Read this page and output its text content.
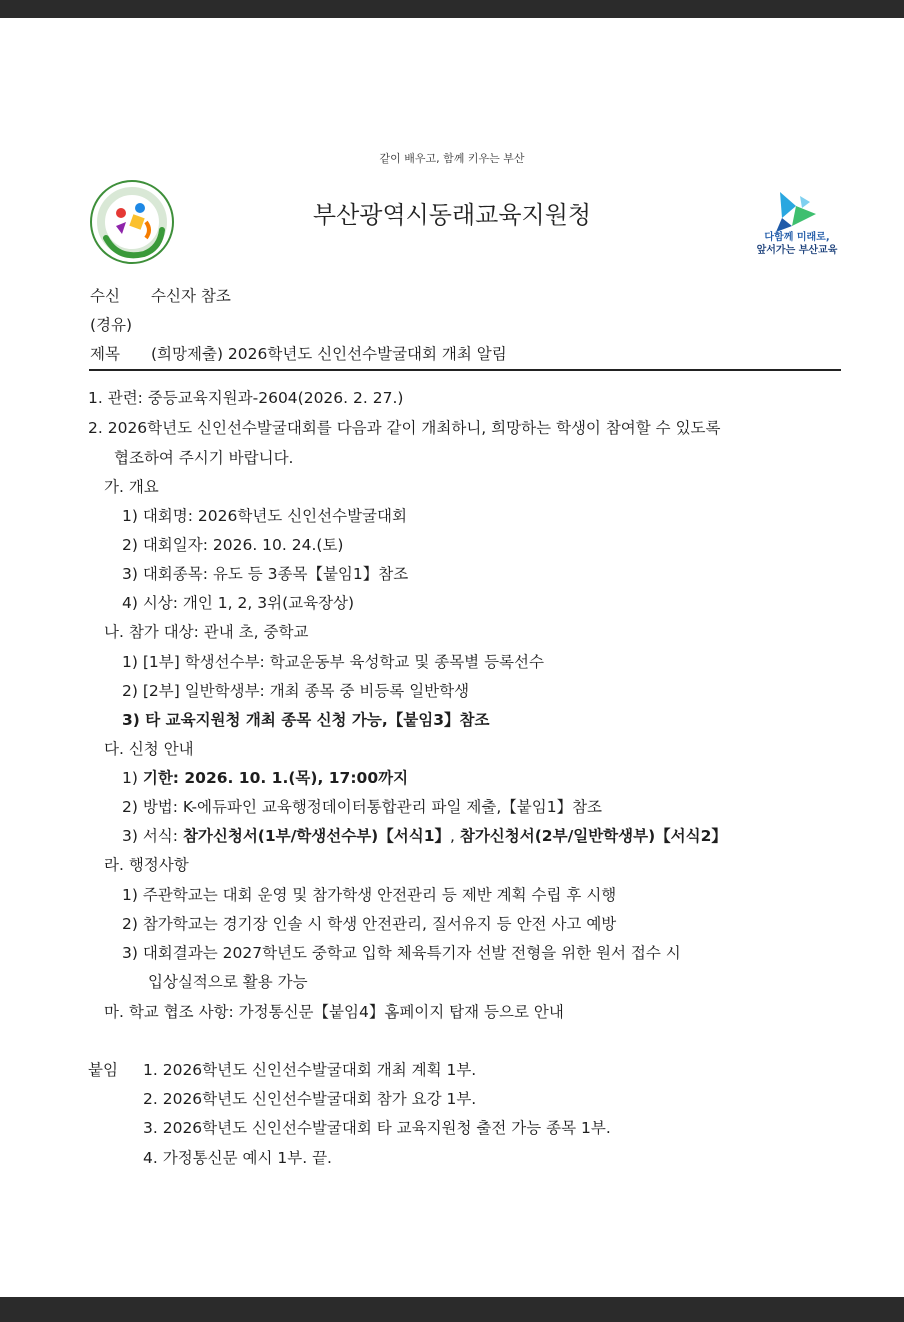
같이 배우고, 함께 키우는 부산
부산광역시동래교육지원청
다함께 미래로,
앞서가는 부산교육
수신 수신자 참조
(경유)
제목 (희망제출) 2026학년도 신인선수발굴대회 개최 알림
1. 관련: 중등교육지원과-2604(2026. 2. 27.)
2. 2026학년도 신인선수발굴대회를 다음과 같이 개최하니, 희망하는 학생이 참여할 수 있도록
협조하여 주시기 바랍니다.
가. 개요
1) 대회명: 2026학년도 신인선수발굴대회
2) 대회일자: 2026. 10. 24.(토)
3) 대회종목: 유도 등 3종목【붙임1】참조
4) 시상: 개인 1, 2, 3위(교육장상)
나. 참가 대상: 관내 초, 중학교
1) [1부] 학생선수부: 학교운동부 육성학교 및 종목별 등록선수
2) [2부] 일반학생부: 개최 종목 중 비등록 일반학생
3) 타 교육지원청 개최 종목 신청 가능,【붙임3】참조
다. 신청 안내
1) 기한: 2026. 10. 1.(목), 17:00까지
2) 방법: K-에듀파인 교육행정데이터통합관리 파일 제출,【붙임1】참조
3) 서식: 참가신청서(1부/학생선수부)【서식1】, 참가신청서(2부/일반학생부)【서식2】
라. 행정사항
1) 주관학교는 대회 운영 및 참가학생 안전관리 등 제반 계획 수립 후 시행
2) 참가학교는 경기장 인솔 시 학생 안전관리, 질서유지 등 안전 사고 예방
3) 대회결과는 2027학년도 중학교 입학 체육특기자 선발 전형을 위한 원서 접수 시
입상실적으로 활용 가능
마. 학교 협조 사항: 가정통신문【붙임4】홈페이지 탑재 등으로 안내
붙임 1. 2026학년도 신인선수발굴대회 개최 계획 1부.
2. 2026학년도 신인선수발굴대회 참가 요강 1부.
3. 2026학년도 신인선수발굴대회 타 교육지원청 출전 가능 종목 1부.
4. 가정통신문 예시 1부. 끝.
